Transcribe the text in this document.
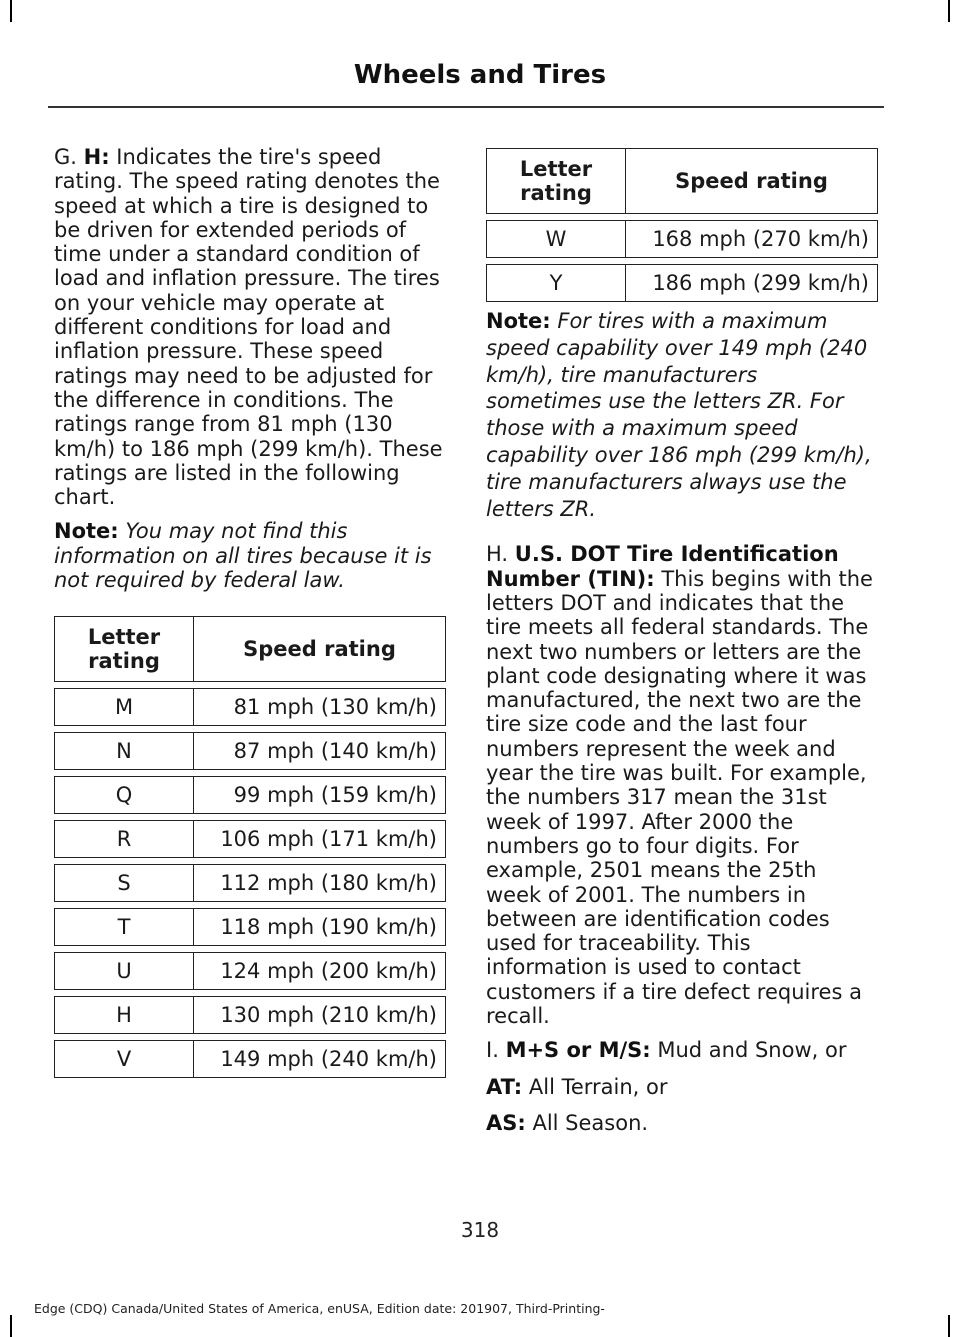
Wheels and Tires

G. H: Indicates the tire's speed rating. The speed rating denotes the speed at which a tire is designed to be driven for extended periods of time under a standard condition of load and inflation pressure. The tires on your vehicle may operate at different conditions for load and inflation pressure. These speed ratings may need to be adjusted for the difference in conditions. The ratings range from 81 mph (130 km/h) to 186 mph (299 km/h). These ratings are listed in the following chart.

Note: You may not find this information on all tires because it is not required by federal law.

Letter rating	Speed rating

M	81 mph (130 km/h)

N	87 mph (140 km/h)

Q	99 mph (159 km/h)

R	106 mph (171 km/h)

S	112 mph (180 km/h)

T	118 mph (190 km/h)

U	124 mph (200 km/h)

H	130 mph (210 km/h)

V	149 mph (240 km/h)
Letter rating	Speed rating

W	168 mph (270 km/h)

Y	186 mph (299 km/h)

Note: For tires with a maximum speed capability over 149 mph (240 km/h), tire manufacturers sometimes use the letters ZR. For those with a maximum speed capability over 186 mph (299 km/h), tire manufacturers always use the letters ZR.

H. U.S. DOT Tire Identification Number (TIN): This begins with the letters DOT and indicates that the tire meets all federal standards. The next two numbers or letters are the plant code designating where it was manufactured, the next two are the tire size code and the last four numbers represent the week and year the tire was built. For example, the numbers 317 mean the 31st week of 1997. After 2000 the numbers go to four digits. For example, 2501 means the 25th week of 2001. The numbers in between are identification codes used for traceability. This information is used to contact customers if a tire defect requires a recall.

I. M+S or M/S: Mud and Snow, or

AT: All Terrain, or

AS: All Season.

318
Edge (CDQ) Canada/United States of America, enUSA, Edition date: 201907, Third-Printing-
